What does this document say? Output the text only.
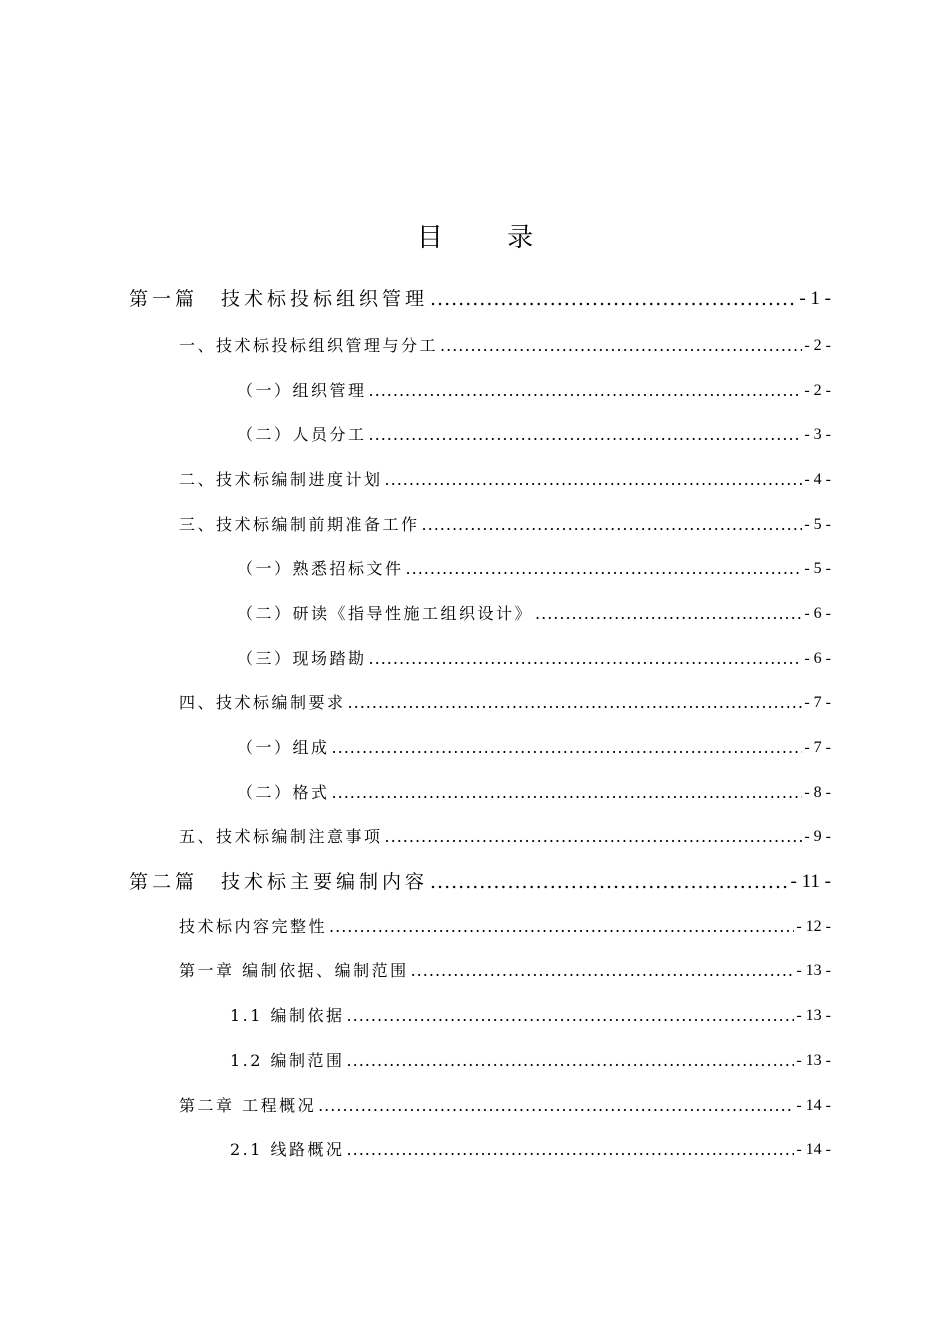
目 录
第一篇　技术标投标组织管理 .....	- 1 -
一、技术标投标组织管理与分工 .....	- 2 -
（一）组织管理 .....	- 2 -
（二）人员分工 .....	- 3 -
二、技术标编制进度计划 .....	- 4 -
三、技术标编制前期准备工作 .....	- 5 -
（一）熟悉招标文件 .....	- 5 -
（二）研读《指导性施工组织设计》 .....	- 6 -
（三）现场踏勘 .....	- 6 -
四、技术标编制要求 .....	- 7 -
（一）组成 .....	- 7 -
（二）格式 .....	- 8 -
五、技术标编制注意事项 .....	- 9 -
第二篇　技术标主要编制内容 .....	- 11 -
技术标内容完整性 .....	- 12 -
第一章 编制依据、编制范围 .....	- 13 -
1.1 编制依据 .....	- 13 -
1.2 编制范围 .....	- 13 -
第二章 工程概况 .....	- 14 -
2.1 线路概况 .....	- 14 -
